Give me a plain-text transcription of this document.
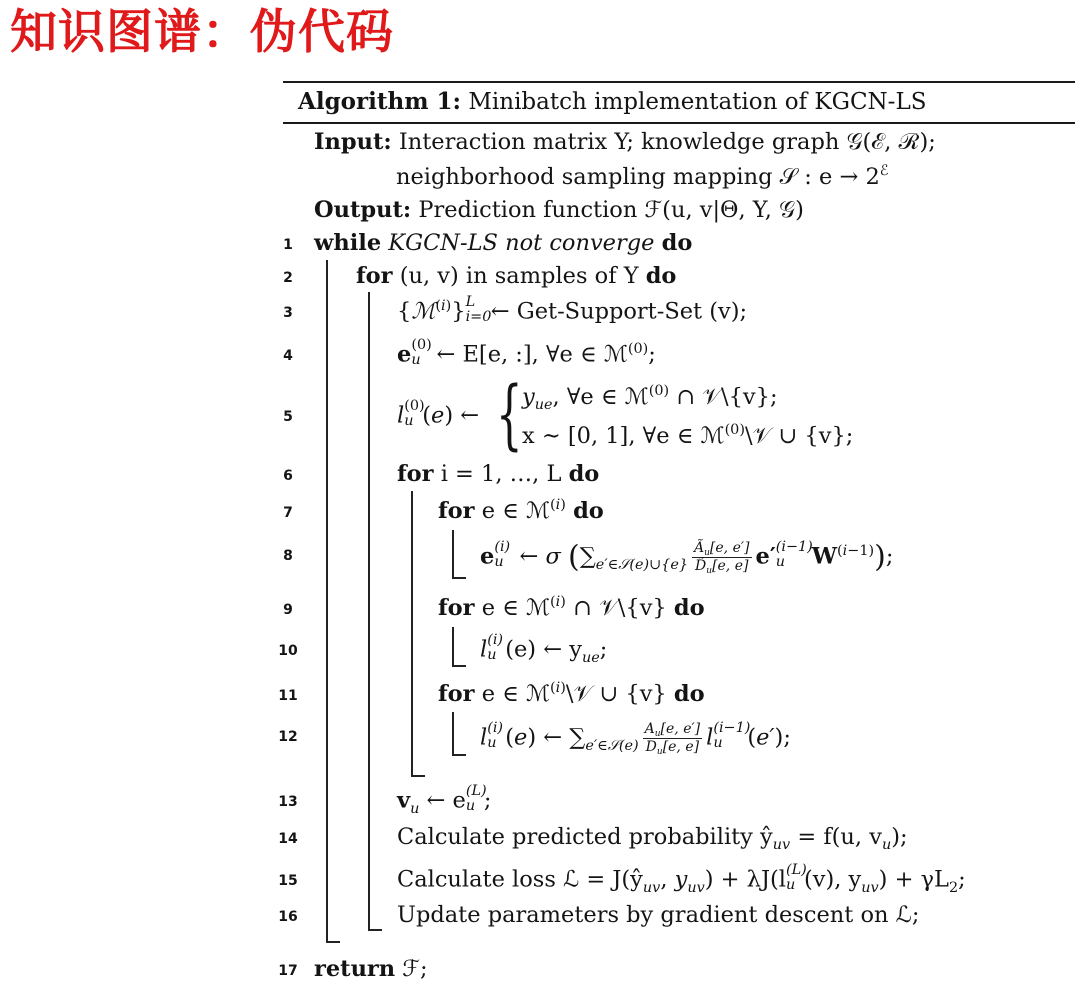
知识图谱：伪代码
Algorithm 1: Minibatch implementation of KGCN-LS
Input: Interaction matrix Y; knowledge graph 𝒢(ℰ, ℛ);
neighborhood sampling mapping 𝒮 : $e \to 2^ℰ$
Output: Prediction function ℱ(u, v|Θ, Y, 𝒢)
1
2
3
4
5
6
7
8
9
10
11
12
13
14
15
16
17
while KGCN-LS not converge do
for (u, v) in samples of Y do
{ℳ$^{(i)}$} L
i=0 ← Get-Support-Set (v);
e (0)
u ← E[e, :], ∀e ∈ ℳ$^{(0)}$;
l (0)
u (e) ← { $y_{ue}$, ∀e ∈ ℳ$^{(0)}$ ∩ 𝒱\{v};
x ∼ [0, 1], ∀e ∈ ℳ$^{(0)}$\𝒱 ∪ {v};
for i = 1, …, L do
for e ∈ ℳ$^{(i)}$ do
e (i)
u ← σ ($\sum_{e'\in 𝒮(e)\cup\{e\}} \frac{Ã_u[e, e']}{D̃_u[e, e]} e'$ (i−1)
u $W^{(i-1)}$);
for e ∈ ℳ$^{(i)}$ ∩ 𝒱\{v} do
l (i)
u (e) ← $y_{ue}$;
for e ∈ ℳ$^{(i)}$\𝒱 ∪ {v} do
l (i)
u (e) ← $\sum_{e'\in 𝒮(e)} \frac{A_u[e, e']}{D_u[e, e]}$ l (i−1)
u (e′);
$v_u$ ← e (L)
u ;
Calculate predicted probability $ŷ_{uv} = f(u$, $v_u$);
Calculate loss ℒ = $J(ŷ_{uv}$, $y_{uv}) + \lambda J(l$ (L)
u (v), $y_{uv}) + \gamma L_2$;
Update parameters by gradient descent on ℒ;
return ℱ;
